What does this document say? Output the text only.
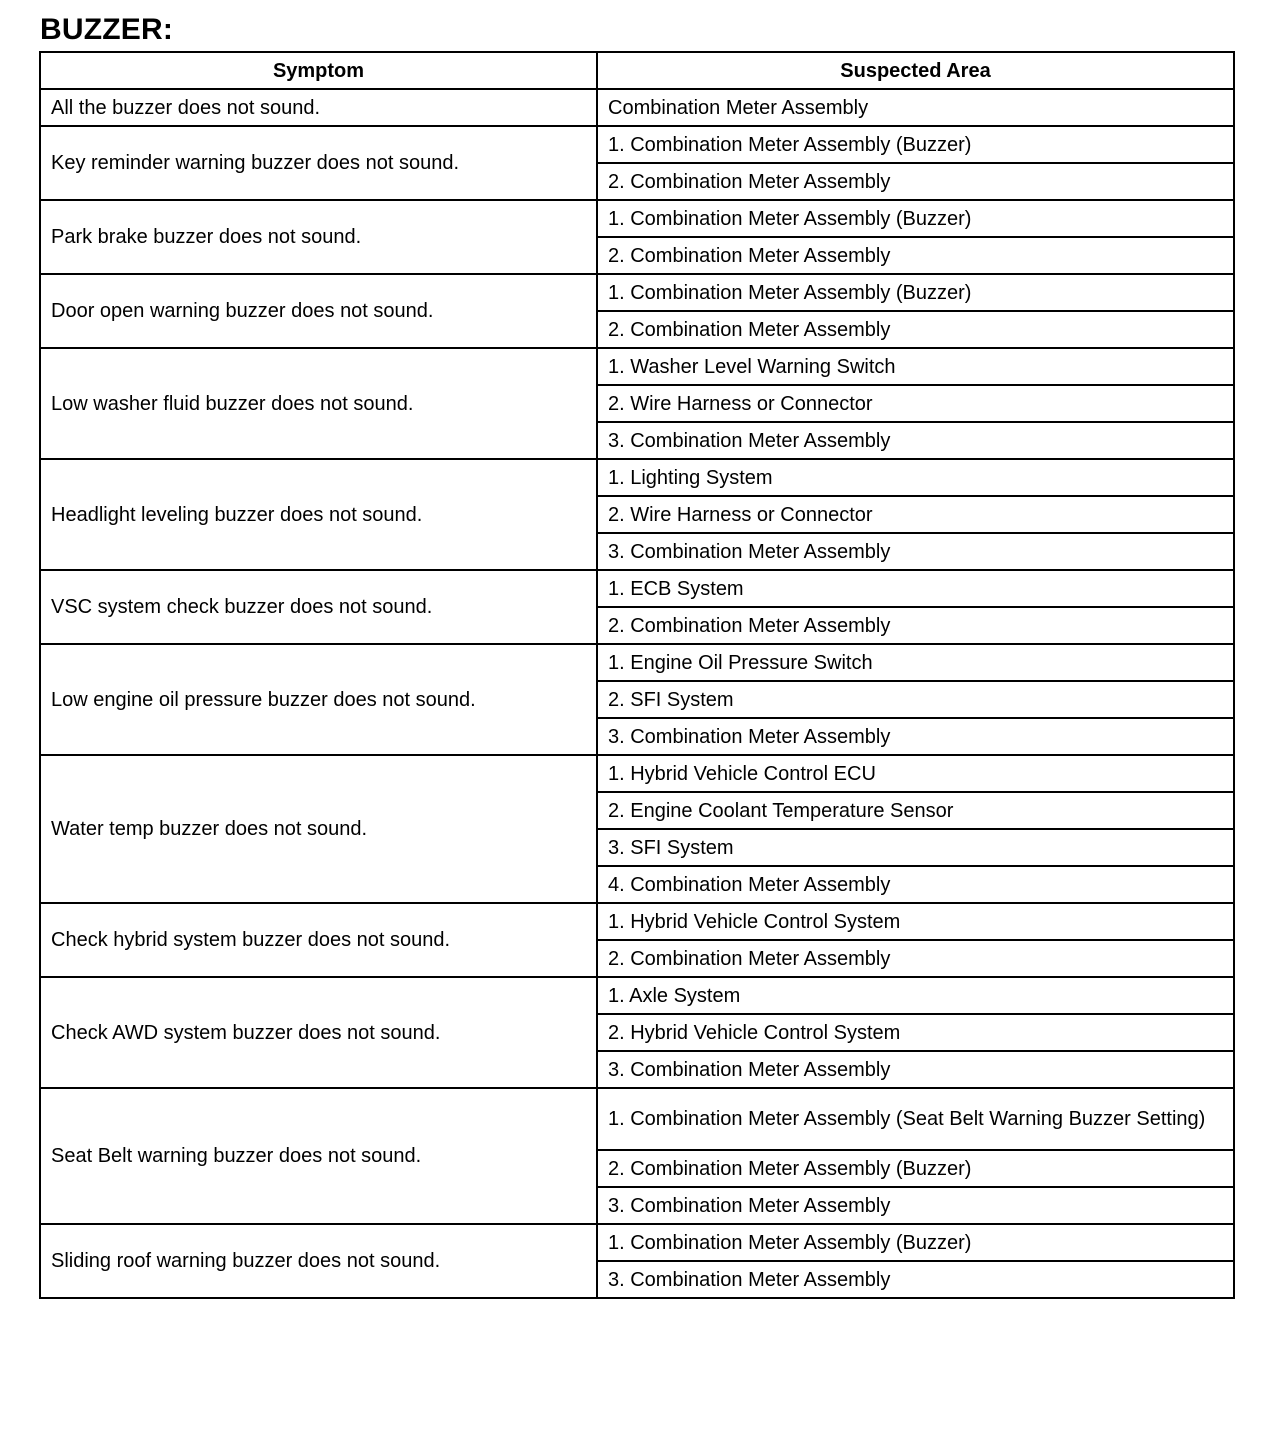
BUZZER:
Symptom	Suspected Area
All the buzzer does not sound.	Combination Meter Assembly
Key reminder warning buzzer does not sound.	1. Combination Meter Assembly (Buzzer)
	2. Combination Meter Assembly
Park brake buzzer does not sound.	1. Combination Meter Assembly (Buzzer)
	2. Combination Meter Assembly
Door open warning buzzer does not sound.	1. Combination Meter Assembly (Buzzer)
	2. Combination Meter Assembly
Low washer fluid buzzer does not sound.	1. Washer Level Warning Switch
	2. Wire Harness or Connector
	3. Combination Meter Assembly
Headlight leveling buzzer does not sound.	1. Lighting System
	2. Wire Harness or Connector
	3. Combination Meter Assembly
VSC system check buzzer does not sound.	1. ECB System
	2. Combination Meter Assembly
Low engine oil pressure buzzer does not sound.	1. Engine Oil Pressure Switch
	2. SFI System
	3. Combination Meter Assembly
Water temp buzzer does not sound.	1. Hybrid Vehicle Control ECU
	2. Engine Coolant Temperature Sensor
	3. SFI System
	4. Combination Meter Assembly
Check hybrid system buzzer does not sound.	1. Hybrid Vehicle Control System
	2. Combination Meter Assembly
Check AWD system buzzer does not sound.	1. Axle System
	2. Hybrid Vehicle Control System
	3. Combination Meter Assembly
Seat Belt warning buzzer does not sound.	1. Combination Meter Assembly (Seat Belt Warning Buzzer Setting)
	2. Combination Meter Assembly (Buzzer)
	3. Combination Meter Assembly
Sliding roof warning buzzer does not sound.	1. Combination Meter Assembly (Buzzer)
	3. Combination Meter Assembly
